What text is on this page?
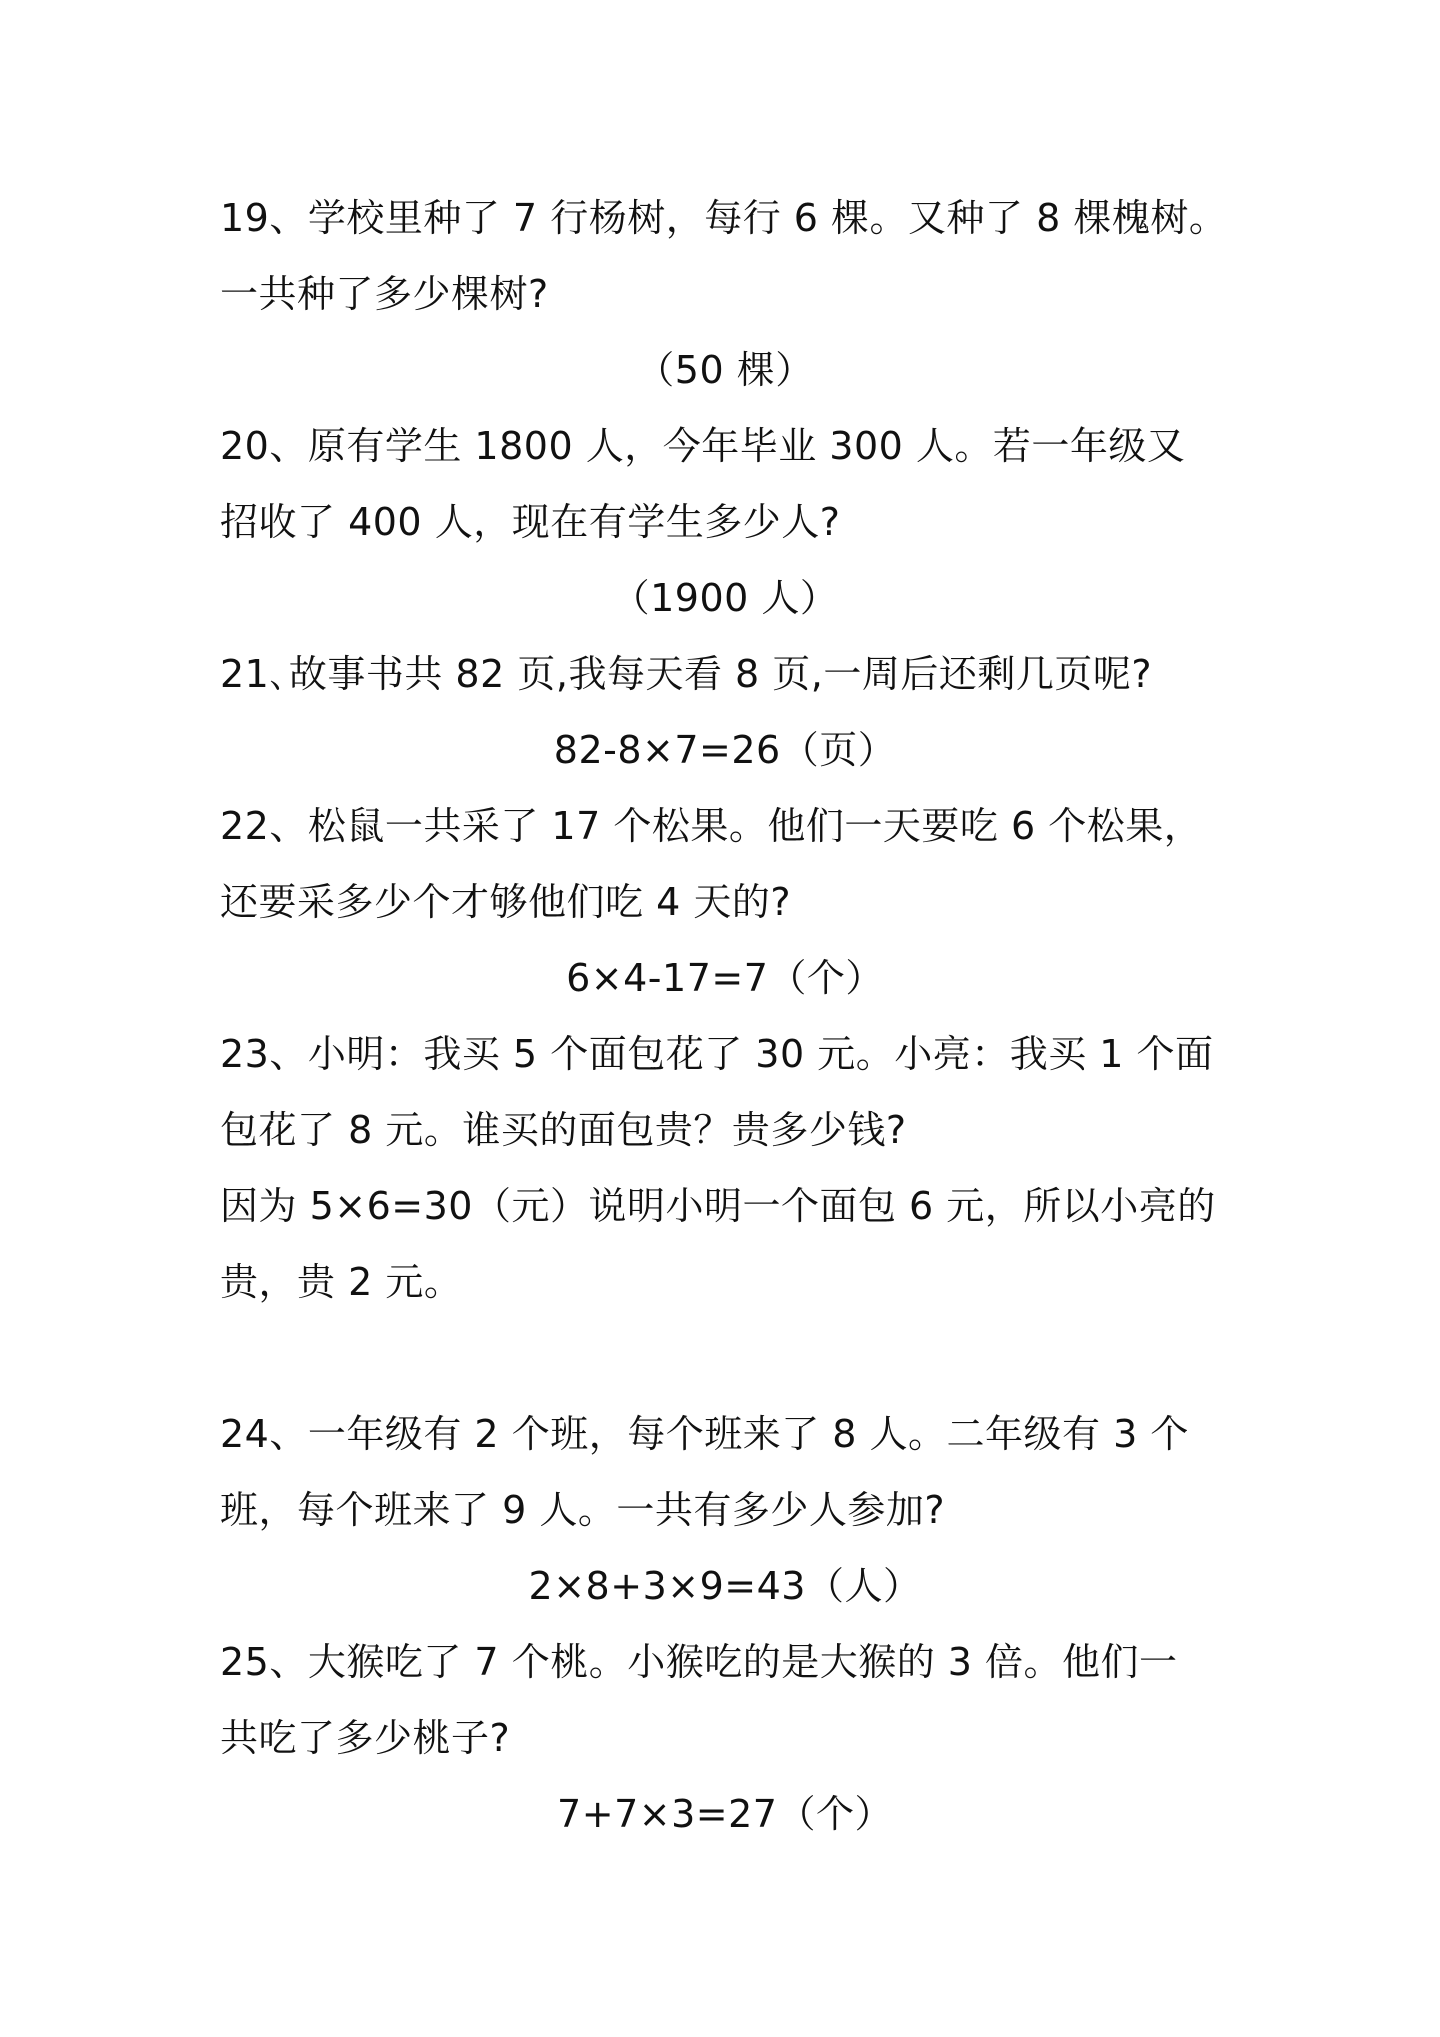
19、学校里种了 7 行杨树，每行 6 棵。又种了 8 棵槐树。
一共种了多少棵树?
（50 棵）
20、原有学生 1800 人，今年毕业 300 人。若一年级又
招收了 400 人，现在有学生多少人?
（1900 人）
21､故事书共 82 页,我每天看 8 页,一周后还剩几页呢?
82-8×7=26（页）
22、松鼠一共采了 17 个松果。他们一天要吃 6 个松果，
还要采多少个才够他们吃 4 天的?
6×4-17=7（个）
23、小明：我买 5 个面包花了 30 元。小亮：我买 1 个面
包花了 8 元。谁买的面包贵？贵多少钱?
因为 5×6=30（元）说明小明一个面包 6 元，所以小亮的
贵，贵 2 元。
24、一年级有 2 个班，每个班来了 8 人。二年级有 3 个
班，每个班来了 9 人。一共有多少人参加?
2×8+3×9=43（人）
25、大猴吃了 7 个桃。小猴吃的是大猴的 3 倍。他们一
共吃了多少桃子?
7+7×3=27（个）
